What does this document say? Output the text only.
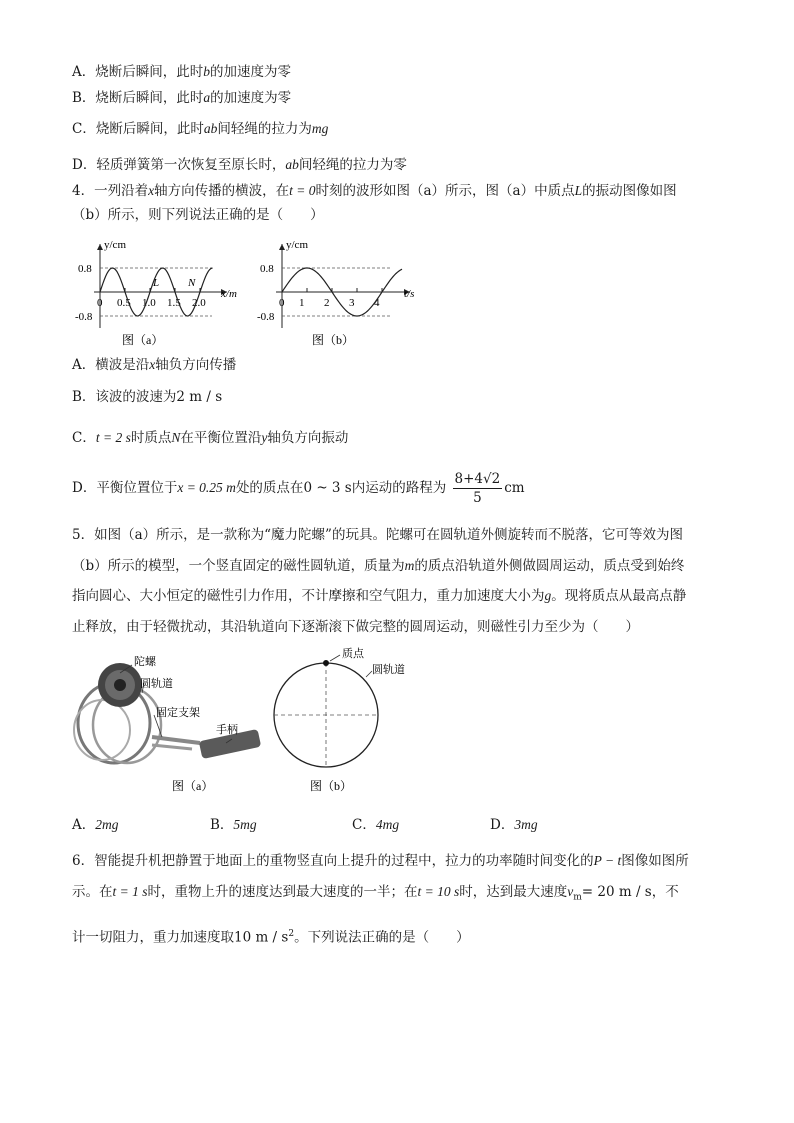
A．烧断后瞬间，此时b的加速度为零
B．烧断后瞬间，此时a的加速度为零
C．烧断后瞬间，此时ab间轻绳的拉力为mg
D．轻质弹簧第一次恢复至原长时，ab间轻绳的拉力为零
4．一列沿着x轴方向传播的横波，在t = 0时刻的波形如图（a）所示，图（a）中质点L的振动图像如图
（b）所示，则下列说法正确的是（　　）
y/cm
x/m
0
0.8
-0.8
0.5 1.0 1.5 2.0
图（a）
L	N
y/cm
t/s
0
0.8
-0.8
1 2 3 4
图（b）
A．横波是沿x轴负方向传播
B．该波的波速为2 m / s
C．t = 2 s时质点N在平衡位置沿y轴负方向振动
D．平衡位置位于x = 0.25 m处的质点在0 ~ 3 s内运动的路程为 $\frac{8+4√2}{5}$ cm
5．如图（a）所示，是一款称为“魔力陀螺”的玩具。陀螺可在圆轨道外侧旋转而不脱落，它可等效为图
（b）所示的模型，一个竖直固定的磁性圆轨道，质量为m的质点沿轨道外侧做圆周运动，质点受到始终
指向圆心、大小恒定的磁性引力作用，不计摩擦和空气阻力，重力加速度大小为g。现将质点从最高点静
止释放，由于轻微扰动，其沿轨道向下逐渐滚下做完整的圆周运动，则磁性引力至少为（　　）
陀螺
圆轨道
固定支架
手柄
图（a）
质点
圆轨道
图（b）
A．2mg	B．5mg	C．4mg	D．3mg
6．智能提升机把静置于地面上的重物竖直向上提升的过程中，拉力的功率随时间变化的P − t图像如图所
示。在t = 1 s时，重物上升的速度达到最大速度的一半；在t = 10 s时，达到最大速度$v_m= 20$ m / s，不
计一切阻力，重力加速度取10 m / $s^2$。下列说法正确的是（　　）
